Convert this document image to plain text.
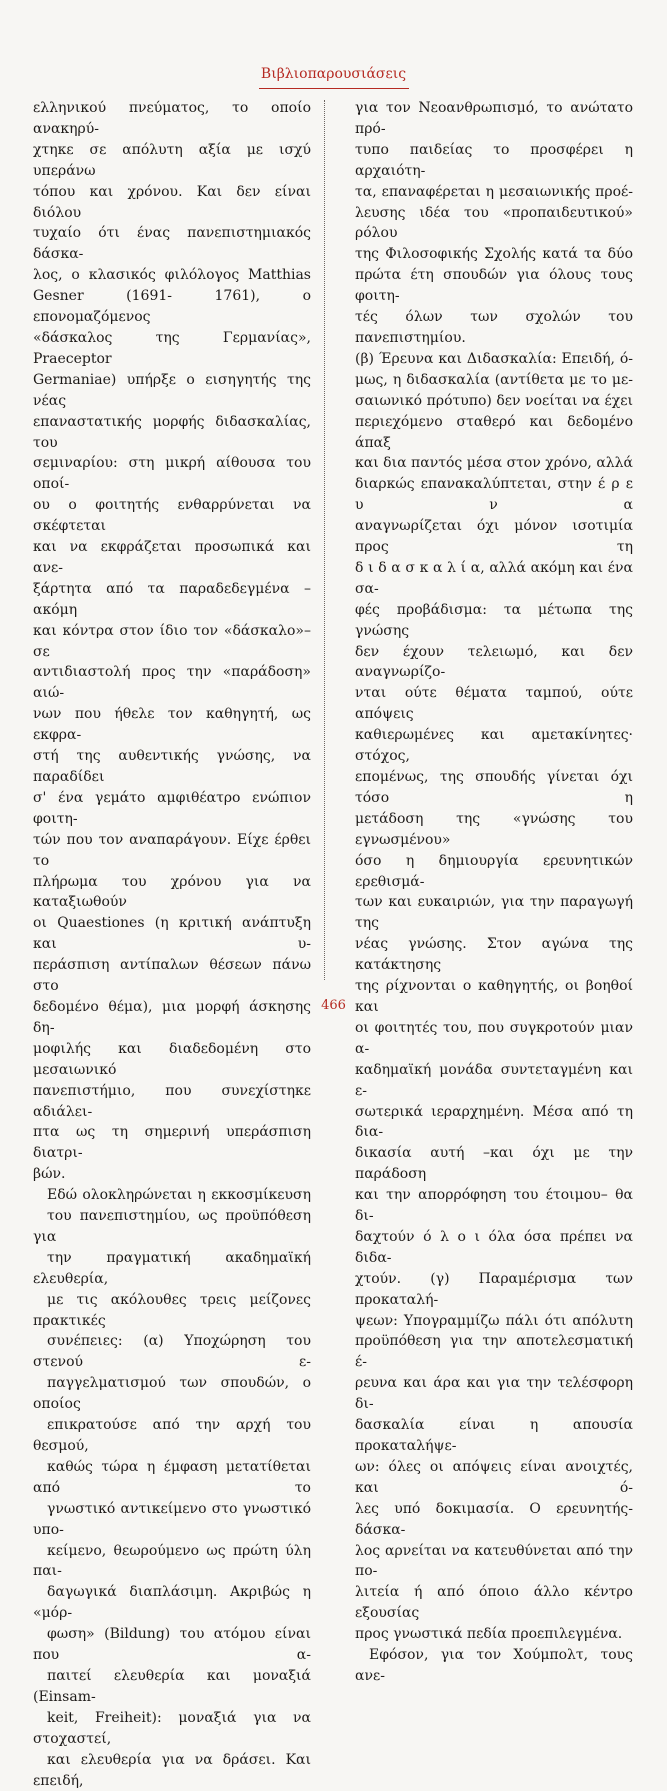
Βιβλιοπαρουσιάσεις

ελληνικού πνεύματος, το οποίο ανακηρύ-
χτηκε σε απόλυτη αξία με ισχύ υπεράνω
τόπου και χρόνου. Και δεν είναι διόλου
τυχαίο ότι ένας πανεπιστημιακός δάσκα-
λος, ο κλασικός φιλόλογος Matthias
Gesner (1691- 1761), ο επονομαζόμενος
«δάσκαλος της Γερμανίας», Praeceptor
Germaniae) υπήρξε ο εισηγητής της νέας
επαναστατικής μορφής διδασκαλίας, του
σεμιναρίου: στη μικρή αίθουσα του οποί-
ου ο φοιτητής ενθαρρύνεται να σκέφτεται
και να εκφράζεται προσωπικά και ανε-
ξάρτητα από τα παραδεδεγμένα –ακόμη
και κόντρα στον ίδιο τον «δάσκαλο»– σε
αντιδιαστολή προς την «παράδοση» αιώ-
νων που ήθελε τον καθηγητή, ως εκφρα-
στή της αυθεντικής γνώσης, να παραδίδει
σ' ένα γεμάτο αμφιθέατρο ενώπιον φοιτη-
τών που τον αναπαράγουν. Είχε έρθει το
πλήρωμα του χρόνου για να καταξιωθούν
οι Quaestiones (η κριτική ανάπτυξη και υ-
περάσπιση αντίπαλων θέσεων πάνω στο
δεδομένο θέμα), μια μορφή άσκησης δη-
μοφιλής και διαδεδομένη στο μεσαιωνικό
πανεπιστήμιο, που συνεχίστηκε αδιάλει-
πτα ως τη σημερινή υπεράσπιση διατρι-
βών.

Εδώ ολοκληρώνεται η εκκοσμίκευση
του πανεπιστημίου, ως προϋπόθεση για
την πραγματική ακαδημαϊκή ελευθερία,
με τις ακόλουθες τρεις μείζονες πρακτικές
συνέπειες: (α) Υποχώρηση του στενού ε-
παγγελματισμού των σπουδών, ο οποίος
επικρατούσε από την αρχή του θεσμού,
καθώς τώρα η έμφαση μετατίθεται από το
γνωστικό αντικείμενο στο γνωστικό υπο-
κείμενο, θεωρούμενο ως πρώτη ύλη παι-
δαγωγικά διαπλάσιμη. Ακριβώς η «μόρ-
φωση» (Bildung) του ατόμου είναι που α-
παιτεί ελευθερία και μοναξιά (Einsam-
keit, Freiheit): μοναξιά για να στοχαστεί,
και ελευθερία για να δράσει. Και επειδή,

για τον Νεοανθρωπισμό, το ανώτατο πρό-
τυπο παιδείας το προσφέρει η αρχαιότη-
τα, επαναφέρεται η μεσαιωνικής προέ-
λευσης ιδέα του «προπαιδευτικού» ρόλου
της Φιλοσοφικής Σχολής κατά τα δύο
πρώτα έτη σπουδών για όλους τους φοιτη-
τές όλων των σχολών του πανεπιστημίου.
(β) Έρευνα και Διδασκαλία: Επειδή, ό-
μως, η διδασκαλία (αντίθετα με το με-
σαιωνικό πρότυπο) δεν νοείται να έχει
περιεχόμενο σταθερό και δεδομένο άπαξ
και δια παντός μέσα στον χρόνο, αλλά
διαρκώς επανακαλύπτεται, στην έ ρ ε υ ν α
αναγνωρίζεται όχι μόνον ισοτιμία προς τη
δ ι δ α σ κ α λ ί α, αλλά ακόμη και ένα σα-
φές προβάδισμα: τα μέτωπα της γνώσης
δεν έχουν τελειωμό, και δεν αναγνωρίζο-
νται ούτε θέματα ταμπού, ούτε απόψεις
καθιερωμένες και αμετακίνητες· στόχος,
επομένως, της σπουδής γίνεται όχι τόσο η
μετάδοση της «γνώσης του εγνωσμένου»
όσο η δημιουργία ερευνητικών ερεθισμά-
των και ευκαιριών, για την παραγωγή της
νέας γνώσης. Στον αγώνα της κατάκτησης
της ρίχνονται ο καθηγητής, οι βοηθοί και
οι φοιτητές του, που συγκροτούν μιαν α-
καδημαϊκή μονάδα συντεταγμένη και ε-
σωτερικά ιεραρχημένη. Μέσα από τη δια-
δικασία αυτή –και όχι με την παράδοση
και την απορρόφηση του έτοιμου– θα δι-
δαχτούν ό λ ο ι όλα όσα πρέπει να διδα-
χτούν. (γ) Παραμέρισμα των προκαταλή-
ψεων: Υπογραμμίζω πάλι ότι απόλυτη
προϋπόθεση για την αποτελεσματική έ-
ρευνα και άρα και για την τελέσφορη δι-
δασκαλία είναι η απουσία προκαταλήψε-
ων: όλες οι απόψεις είναι ανοιχτές, και ό-
λες υπό δοκιμασία. Ο ερευνητής-δάσκα-
λος αρνείται να κατευθύνεται από την πο-
λιτεία ή από όποιο άλλο κέντρο εξουσίας
προς γνωστικά πεδία προεπιλεγμένα.

Εφόσον, για τον Χούμπολτ, τους ανε-

466
